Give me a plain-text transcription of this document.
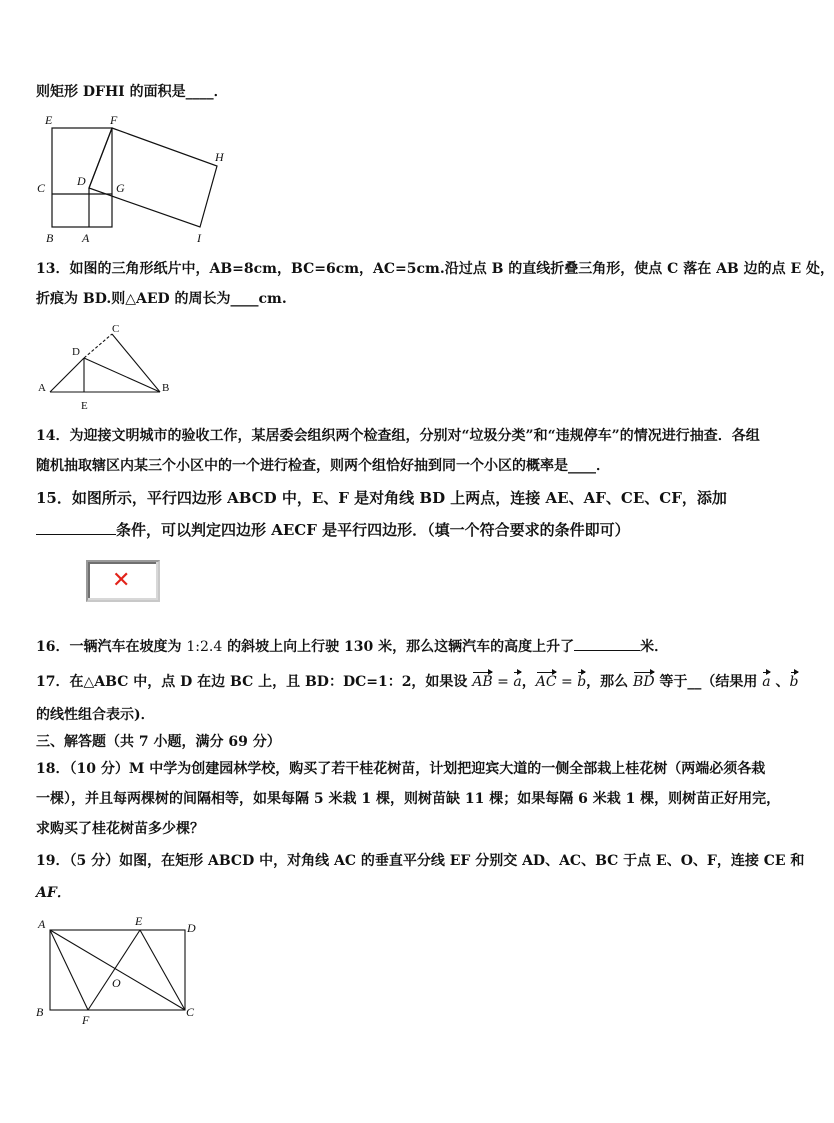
则矩形 DFHI 的面积是____．
E	F
H
C	D	G
B A	I
13．如图的三角形纸片中，AB=8cm，BC=6cm，AC=5cm.沿过点 B 的直线折叠三角形，使点 C 落在 AB 边的点 E 处，
折痕为 BD.则△AED 的周长为____cm.
C
D
A	B
E
14．为迎接文明城市的验收工作，某居委会组织两个检查组，分别对“垃圾分类”和“违规停车”的情况进行抽查．各组
随机抽取辖区内某三个小区中的一个进行检查，则两个组恰好抽到同一个小区的概率是____．
15．如图所示，平行四边形 ABCD 中，E、F 是对角线 BD 上两点，连接 AE、AF、CE、CF，添加
条件，可以判定四边形 AECF 是平行四边形．（填一个符合要求的条件即可）
✕
16．一辆汽车在坡度为 1:2.4 的斜坡上向上行驶 130 米，那么这辆汽车的高度上升了	米．
17．在△ABC 中，点 D 在边 BC 上，且 BD：DC=1：2，如果设 AB = a，AC = b，那么 BD 等于__（结果用 a 、b
的线性组合表示)．
三、解答题（共 7 小题，满分 69 分）
18．（10 分）M 中学为创建园林学校，购买了若干桂花树苗，计划把迎宾大道的一侧全部栽上桂花树（两端必须各栽
一棵），并且每两棵树的间隔相等，如果每隔 5 米栽 1 棵，则树苗缺 11 棵；如果每隔 6 米栽 1 棵，则树苗正好用完，
求购买了桂花树苗多少棵？
19．（5 分）如图，在矩形 ABCD 中，对角线 AC 的垂直平分线 EF 分别交 AD、AC、BC 于点 E、O、F，连接 CE 和
AF．
A	E	D
O
B
F
C
